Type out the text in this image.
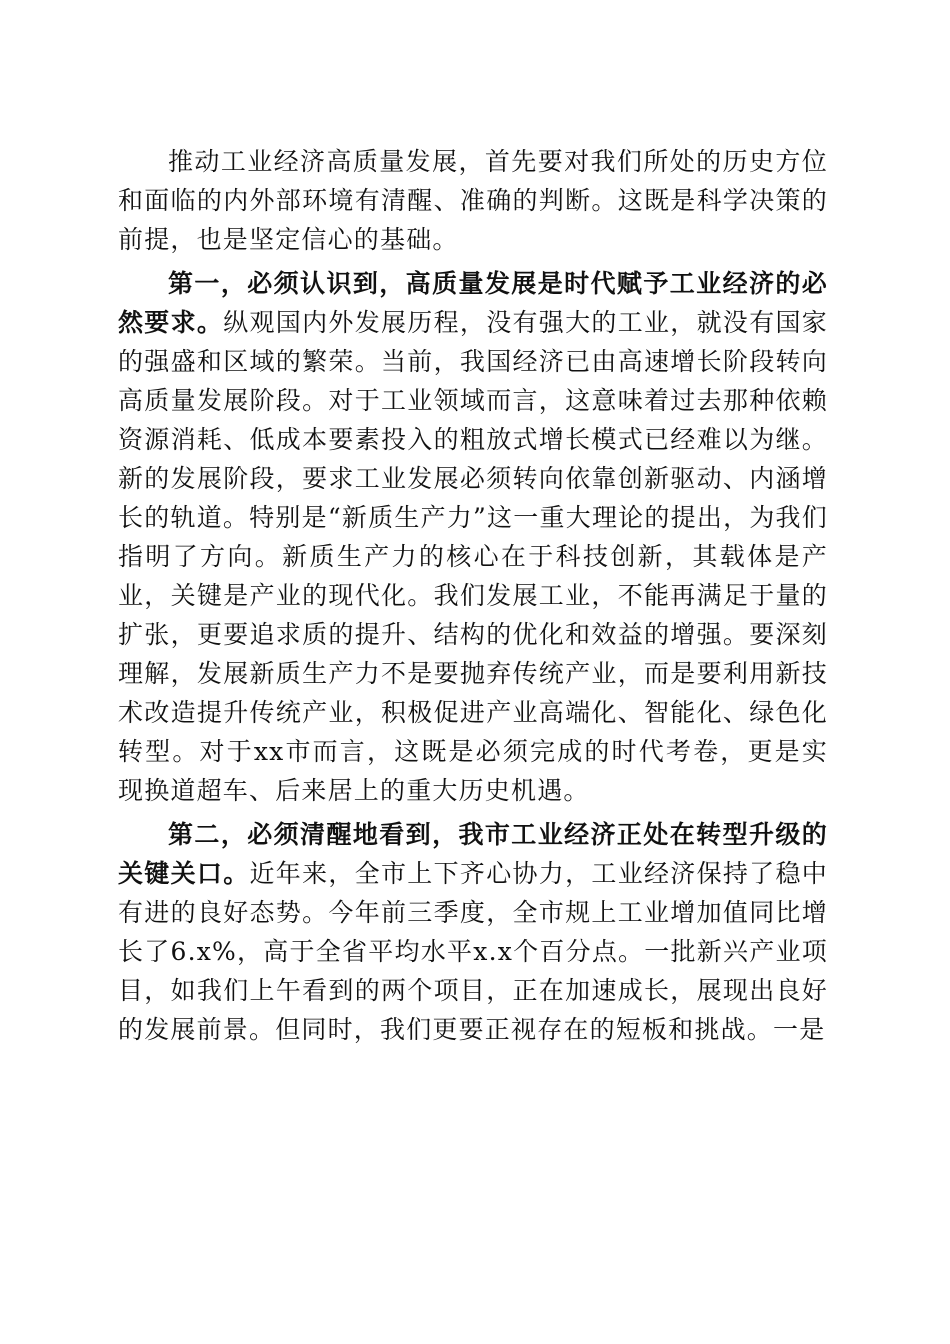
推动工业经济高质量发展，首先要对我们所处的历史方位和面临的内外部环境有清醒、准确的判断。这既是科学决策的前提，也是坚定信心的基础。

第一，必须认识到，高质量发展是时代赋予工业经济的必然要求。纵观国内外发展历程，没有强大的工业，就没有国家的强盛和区域的繁荣。当前，我国经济已由高速增长阶段转向高质量发展阶段。对于工业领域而言，这意味着过去那种依赖资源消耗、低成本要素投入的粗放式增长模式已经难以为继。新的发展阶段，要求工业发展必须转向依靠创新驱动、内涵增长的轨道。特别是“新质生产力”这一重大理论的提出，为我们指明了方向。新质生产力的核心在于科技创新，其载体是产业，关键是产业的现代化。我们发展工业，不能再满足于量的扩张，更要追求质的提升、结构的优化和效益的增强。要深刻理解，发展新质生产力不是要抛弃传统产业，而是要利用新技术改造提升传统产业，积极促进产业高端化、智能化、绿色化转型。对于xx市而言，这既是必须完成的时代考卷，更是实现换道超车、后来居上的重大历史机遇。

第二，必须清醒地看到，我市工业经济正处在转型升级的关键关口。近年来，全市上下齐心协力，工业经济保持了稳中有进的良好态势。今年前三季度，全市规上工业增加值同比增长了6.x%，高于全省平均水平x.x个百分点。一批新兴产业项目，如我们上午看到的两个项目，正在加速成长，展现出良好的发展前景。但同时，我们更要正视存在的短板和挑战。一是
